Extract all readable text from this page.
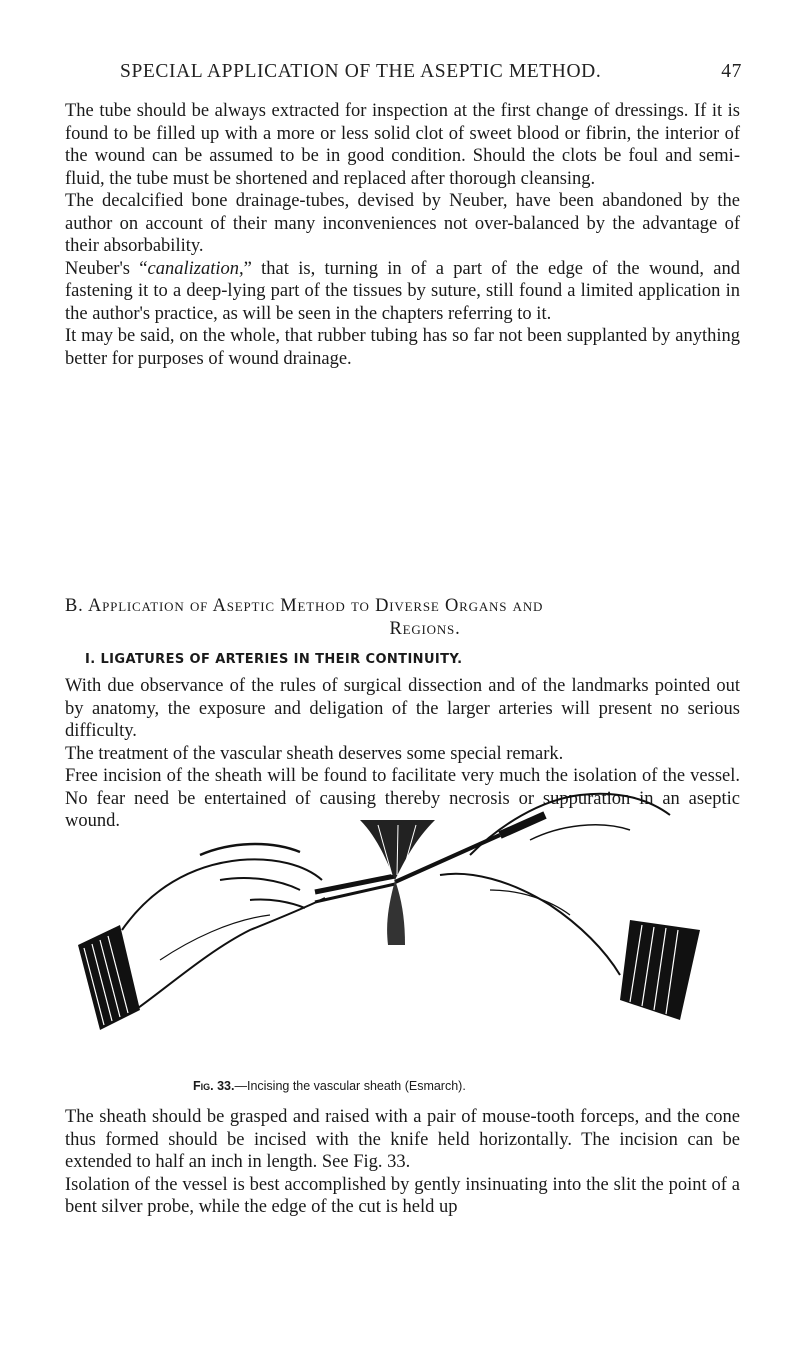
SPECIAL APPLICATION OF THE ASEPTIC METHOD.	47

The tube should be always extracted for inspection at the first change of dressings. If it is found to be filled up with a more or less solid clot of sweet blood or fibrin, the interior of the wound can be assumed to be in good condition. Should the clots be foul and semi-fluid, the tube must be shortened and replaced after thorough cleansing.

The decalcified bone drainage-tubes, devised by Neuber, have been abandoned by the author on account of their many inconveniences not over-balanced by the advantage of their absorbability.

Neuber's “canalization,” that is, turning in of a part of the edge of the wound, and fastening it to a deep-lying part of the tissues by suture, still found a limited application in the author's practice, as will be seen in the chapters referring to it.

It may be said, on the whole, that rubber tubing has so far not been supplanted by anything better for purposes of wound drainage.

B. Application of Aseptic Method to Diverse Organs and
Regions.
I. LIGATURES OF ARTERIES IN THEIR CONTINUITY.

With due observance of the rules of surgical dissection and of the landmarks pointed out by anatomy, the exposure and deligation of the larger arteries will present no serious difficulty.

The treatment of the vascular sheath deserves some special remark.

Free incision of the sheath will be found to facilitate very much the isolation of the vessel. No fear need be entertained of causing thereby necrosis or suppuration in an aseptic wound.

Fig. 33.—Incising the vascular sheath (Esmarch).

The sheath should be grasped and raised with a pair of mouse-tooth forceps, and the cone thus formed should be incised with the knife held horizontally. The incision can be extended to half an inch in length. See Fig. 33.

Isolation of the vessel is best accomplished by gently insinuating into the slit the point of a bent silver probe, while the edge of the cut is held up
